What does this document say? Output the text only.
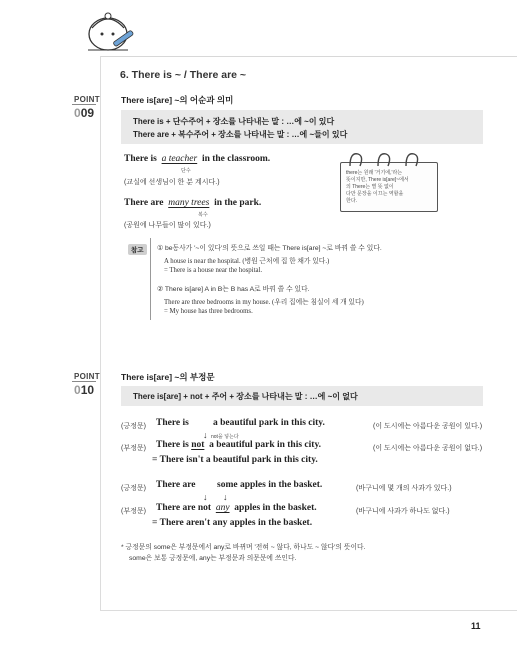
6. There is ~ / There are ~
POINT
009
There is[are] ~의 어순과 의미
There is + 단수주어 + 장소를 나타내는 말 : …에 ~이 있다
There are + 복수주어 + 장소를 나타내는 말 : …에 ~들이 있다
There is a teacher in the classroom.
단수
(교실에 선생님이 한 분 계시다.)
There are many trees in the park.
복수
(공원에 나무들이 많이 있다.)
there는 원래 '거기에,'라는
뜻이지만, There is[are]~에서
의 There는 별 뜻 없이
다만 문장을 이끄는 역할을
한다.
참고	① be동사가 '~이 있다'의 뜻으로 쓰일 때는 There is[are] ~로 바꿔 쓸 수 있다.
A house is near the hospital. (병원 근처에 집 한 채가 있다.)
= There is a house near the hospital.
② There is[are] A in B는 B has A로 바꿔 쓸 수 있다.
There are three bedrooms in my house. (우리 집에는 침실이 세 개 있다)
= My house has three bedrooms.
POINT
010
There is[are] ~의 부정문
There is[are] + not + 주어 + 장소를 나타내는 말 : …에 ~이 없다
(긍정문) There is	a beautiful park in this city.	(이 도시에는 아름다운 공원이 있다.)
↓ not을 넣는다
(부정문) There is not a beautiful park in this city.	(이 도시에는 아름다운 공원이 없다.)
= There isn't a beautiful park in this city.
(긍정문) There are some apples in the basket.	(바구니에 몇 개의 사과가 있다.)
↓ ↓
(부정문) There are not any apples in the basket.	(바구니에 사과가 하나도 없다.)
= There aren't any apples in the basket.
* 긍정문의 some은 부정문에서 any로 바뀌며 '전혀 ~ 않다, 하나도 ~ 않다'의 뜻이다.
some은 보통 긍정문에, any는 부정문과 의문문에 쓰인다.
11
